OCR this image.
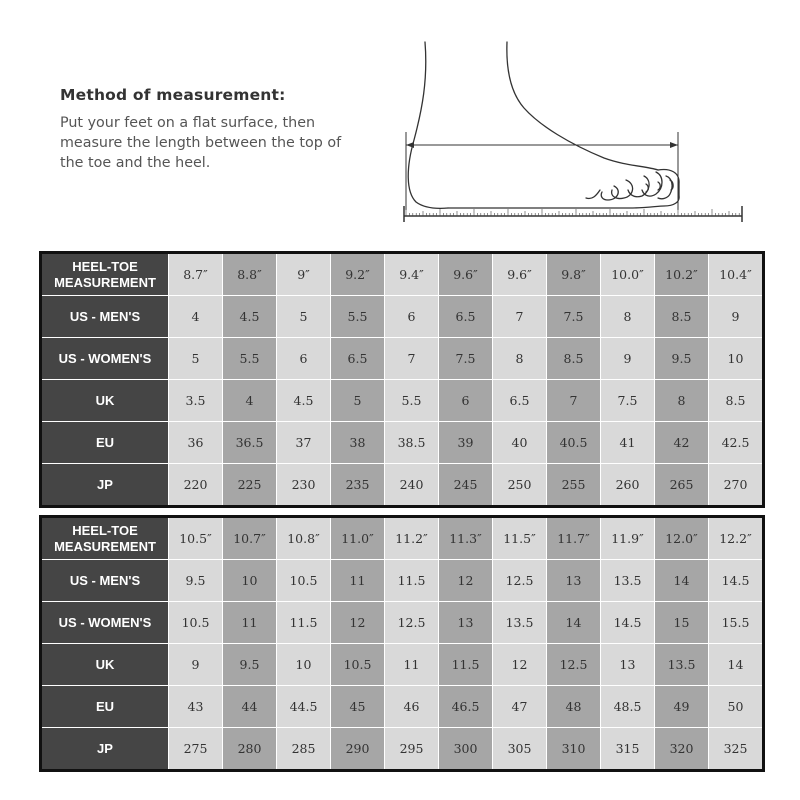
Method of measurement:

Put your feet on a flat surface, then
measure the length between the top of
the toe and the heel.

HEEL-TOE
MEASUREMENT	8.7″	8.8″	9″	9.2″	9.4″	9.6″	9.6″	9.8″	10.0″	10.2″	10.4″
US - MEN'S	4	4.5	5	5.5	6	6.5	7	7.5	8	8.5	9
US - WOMEN'S	5	5.5	6	6.5	7	7.5	8	8.5	9	9.5	10
UK	3.5	4	4.5	5	5.5	6	6.5	7	7.5	8	8.5
EU	36	36.5	37	38	38.5	39	40	40.5	41	42	42.5
JP	220	225	230	235	240	245	250	255	260	265	270
HEEL-TOE
MEASUREMENT	10.5″	10.7″	10.8″	11.0″	11.2″	11.3″	11.5″	11.7″	11.9″	12.0″	12.2″
US - MEN'S	9.5	10	10.5	11	11.5	12	12.5	13	13.5	14	14.5
US - WOMEN'S	10.5	11	11.5	12	12.5	13	13.5	14	14.5	15	15.5
UK	9	9.5	10	10.5	11	11.5	12	12.5	13	13.5	14
EU	43	44	44.5	45	46	46.5	47	48	48.5	49	50
JP	275	280	285	290	295	300	305	310	315	320	325
